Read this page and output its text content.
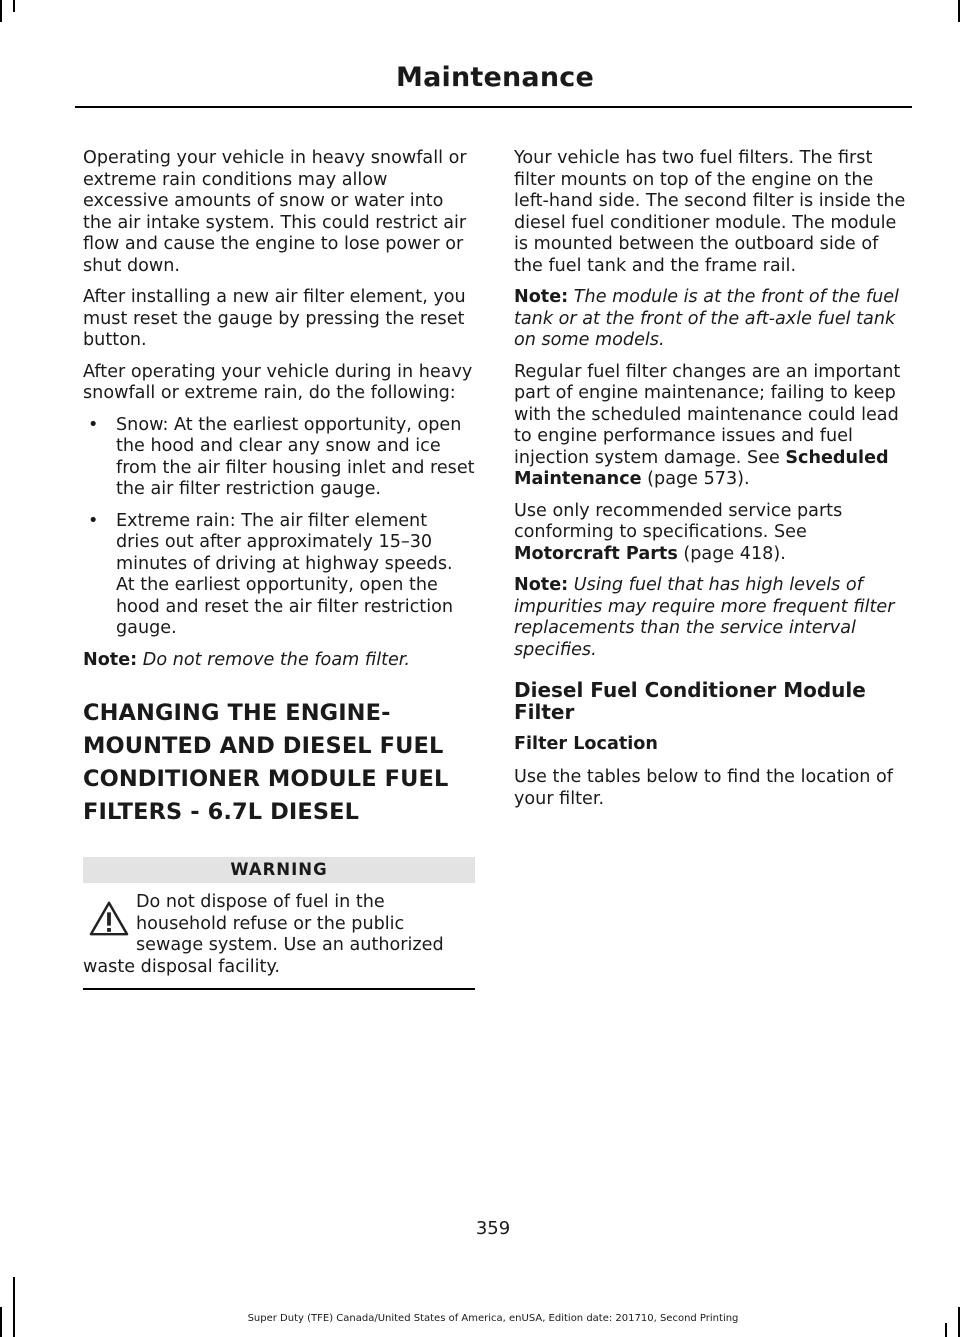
Maintenance

Operating your vehicle in heavy snowfall or extreme rain conditions may allow excessive amounts of snow or water into the air intake system. This could restrict air flow and cause the engine to lose power or shut down.

After installing a new air filter element, you must reset the gauge by pressing the reset button.

After operating your vehicle during in heavy snowfall or extreme rain, do the following:

• Snow: At the earliest opportunity, open the hood and clear any snow and ice from the air filter housing inlet and reset the air filter restriction gauge.
• Extreme rain: The air filter element dries out after approximately 15–30 minutes of driving at highway speeds. At the earliest opportunity, open the hood and reset the air filter restriction gauge.

Note: Do not remove the foam filter.

CHANGING THE ENGINE-MOUNTED AND DIESEL FUEL CONDITIONER MODULE FUEL FILTERS - 6.7L DIESEL
WARNING
Do not dispose of fuel in the household refuse or the public sewage system. Use an authorized waste disposal facility.

Your vehicle has two fuel filters. The first filter mounts on top of the engine on the left-hand side. The second filter is inside the diesel fuel conditioner module. The module is mounted between the outboard side of the fuel tank and the frame rail.

Note: The module is at the front of the fuel tank or at the front of the aft-axle fuel tank on some models.

Regular fuel filter changes are an important part of engine maintenance; failing to keep with the scheduled maintenance could lead to engine performance issues and fuel injection system damage. See Scheduled Maintenance (page 573).

Use only recommended service parts conforming to specifications. See
Motorcraft Parts (page 418).

Note: Using fuel that has high levels of impurities may require more frequent filter replacements than the service interval specifies.

Diesel Fuel Conditioner Module Filter
Filter Location

Use the tables below to find the location of your filter.

359
Super Duty (TFE) Canada/United States of America, enUSA, Edition date: 201710, Second Printing
